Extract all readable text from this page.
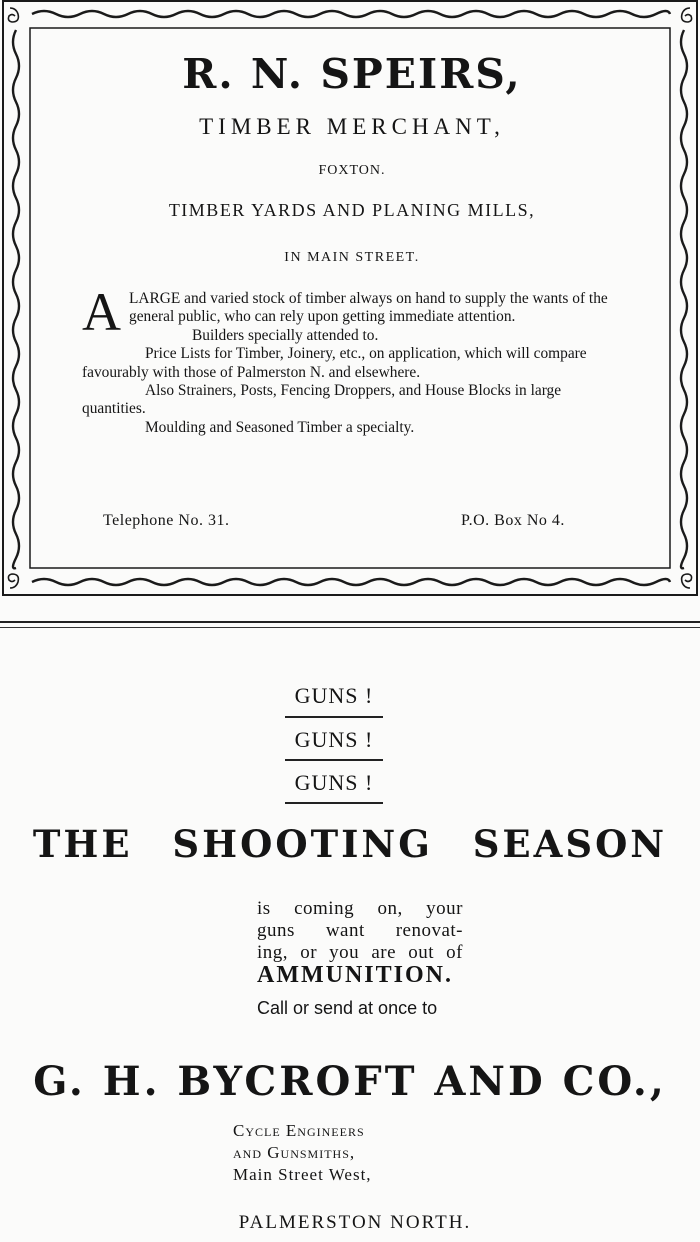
R. N. SPEIRS,
TIMBER MERCHANT,
FOXTON.
TIMBER YARDS AND PLANING MILLS,
IN MAIN STREET.

ALARGE and varied stock of timber always on hand to supply the wants of the general public, who can rely upon getting immediate attention.

Builders specially attended to.

Price Lists for Timber, Joinery, etc., on application, which will compare favourably with those of Palmerston N. and elsewhere.

Also Strainers, Posts, Fencing Droppers, and House Blocks in large quantities.

Moulding and Seasoned Timber a specialty.

Telephone No. 31.	P.O. Box No 4.
GUNS !
GUNS !
GUNS !
THE SHOOTING SEASON
is coming on, your
guns want renovat-
ing, or you are out of
AMMUNITION.
Call or send at once to
G. H. BYCROFT AND CO.,
Cycle Engineers
and Gunsmiths,
Main Street West,
PALMERSTON NORTH.
